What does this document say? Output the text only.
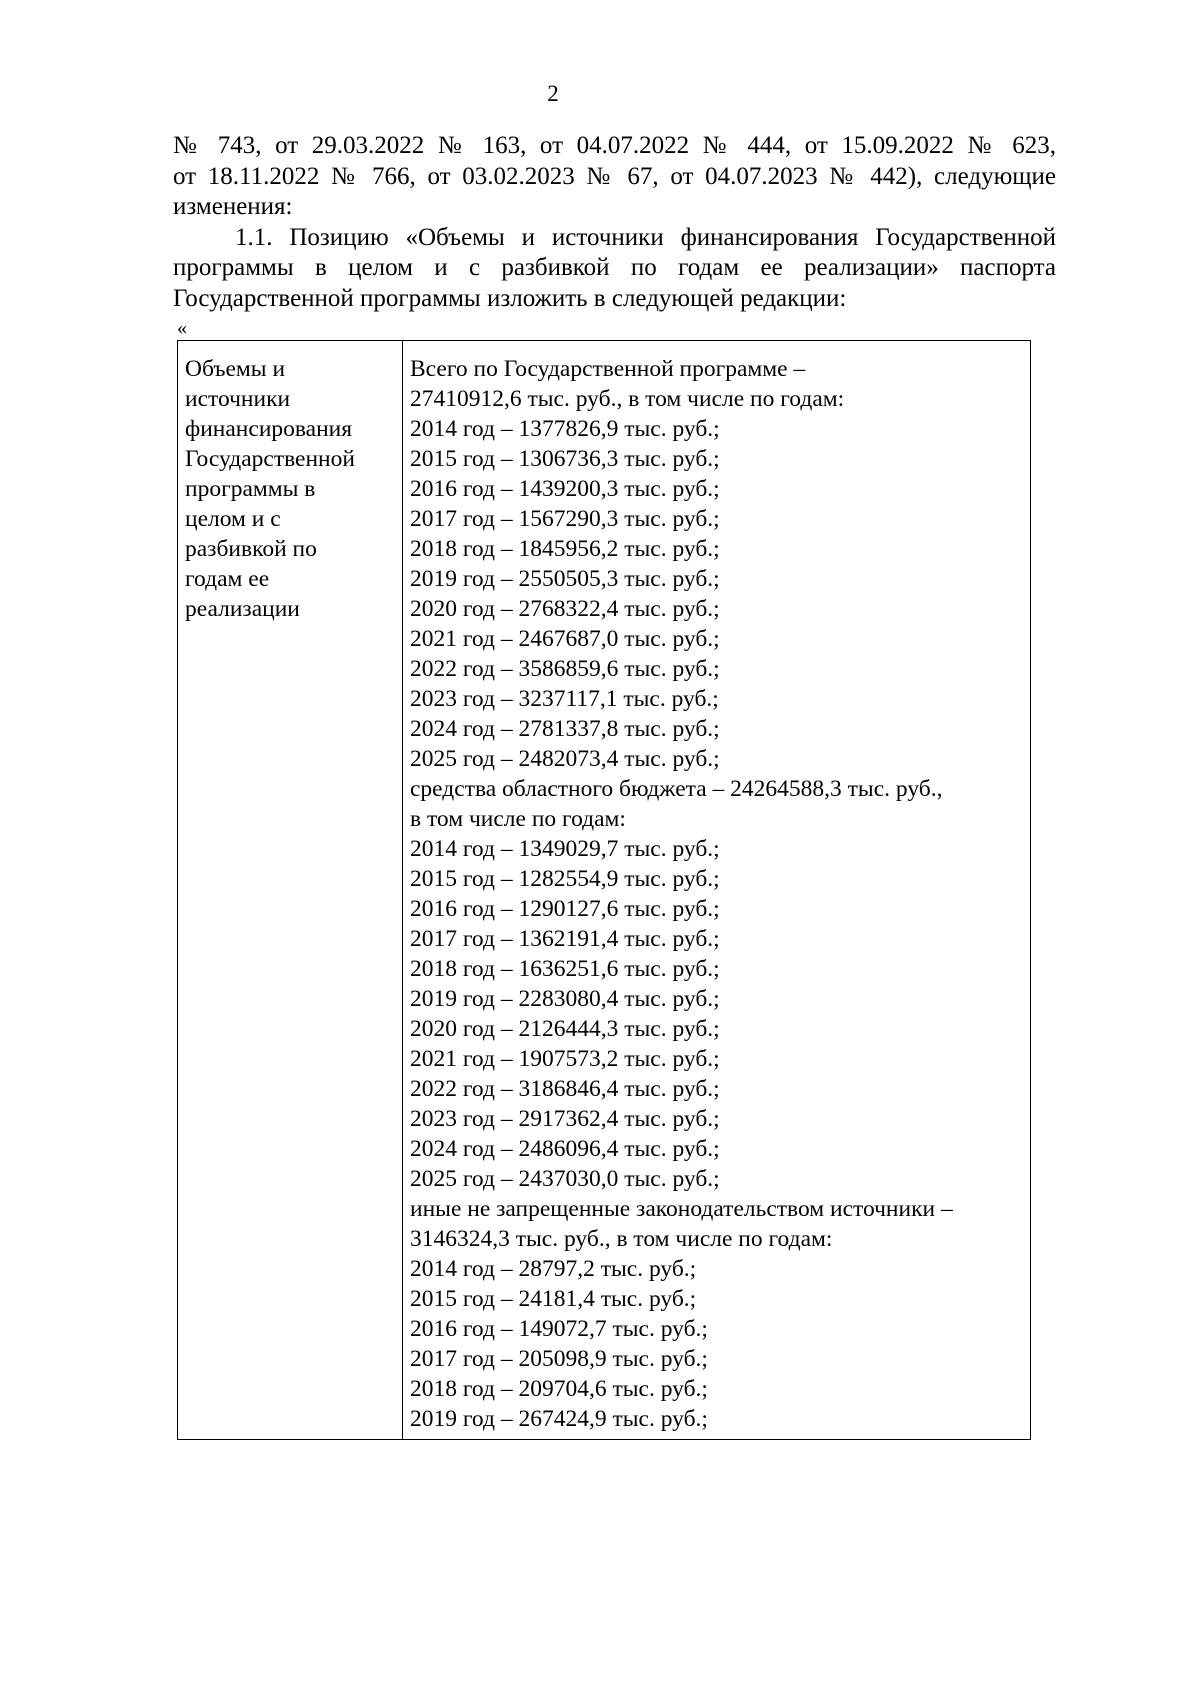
2

№ 743, от 29.03.2022 № 163, от 04.07.2022 № 444, от 15.09.2022 № 623,

от 18.11.2022 № 766, от 03.02.2023 № 67, от 04.07.2023 № 442), следующие

изменения:

1.1. Позицию «Объемы и источники финансирования Государственной

программы в целом и с разбивкой по годам ее реализации» паспорта

Государственной программы изложить в следующей редакции:

«
Объемы и
источники
финансирования
Государственной
программы в
целом и с
разбивкой по
годам ее
реализации
Всего по Государственной программе –
27410912,6 тыс. руб., в том числе по годам:
2014 год – 1377826,9 тыс. руб.;
2015 год – 1306736,3 тыс. руб.;
2016 год – 1439200,3 тыс. руб.;
2017 год – 1567290,3 тыс. руб.;
2018 год – 1845956,2 тыс. руб.;
2019 год – 2550505,3 тыс. руб.;
2020 год – 2768322,4 тыс. руб.;
2021 год – 2467687,0 тыс. руб.;
2022 год – 3586859,6 тыс. руб.;
2023 год – 3237117,1 тыс. руб.;
2024 год – 2781337,8 тыс. руб.;
2025 год – 2482073,4 тыс. руб.;
средства областного бюджета – 24264588,3 тыс. руб.,
в том числе по годам:
2014 год – 1349029,7 тыс. руб.;
2015 год – 1282554,9 тыс. руб.;
2016 год – 1290127,6 тыс. руб.;
2017 год – 1362191,4 тыс. руб.;
2018 год – 1636251,6 тыс. руб.;
2019 год – 2283080,4 тыс. руб.;
2020 год – 2126444,3 тыс. руб.;
2021 год – 1907573,2 тыс. руб.;
2022 год – 3186846,4 тыс. руб.;
2023 год – 2917362,4 тыс. руб.;
2024 год – 2486096,4 тыс. руб.;
2025 год – 2437030,0 тыс. руб.;
иные не запрещенные законодательством источники –
3146324,3 тыс. руб., в том числе по годам:
2014 год – 28797,2 тыс. руб.;
2015 год – 24181,4 тыс. руб.;
2016 год – 149072,7 тыс. руб.;
2017 год – 205098,9 тыс. руб.;
2018 год – 209704,6 тыс. руб.;
2019 год – 267424,9 тыс. руб.;
